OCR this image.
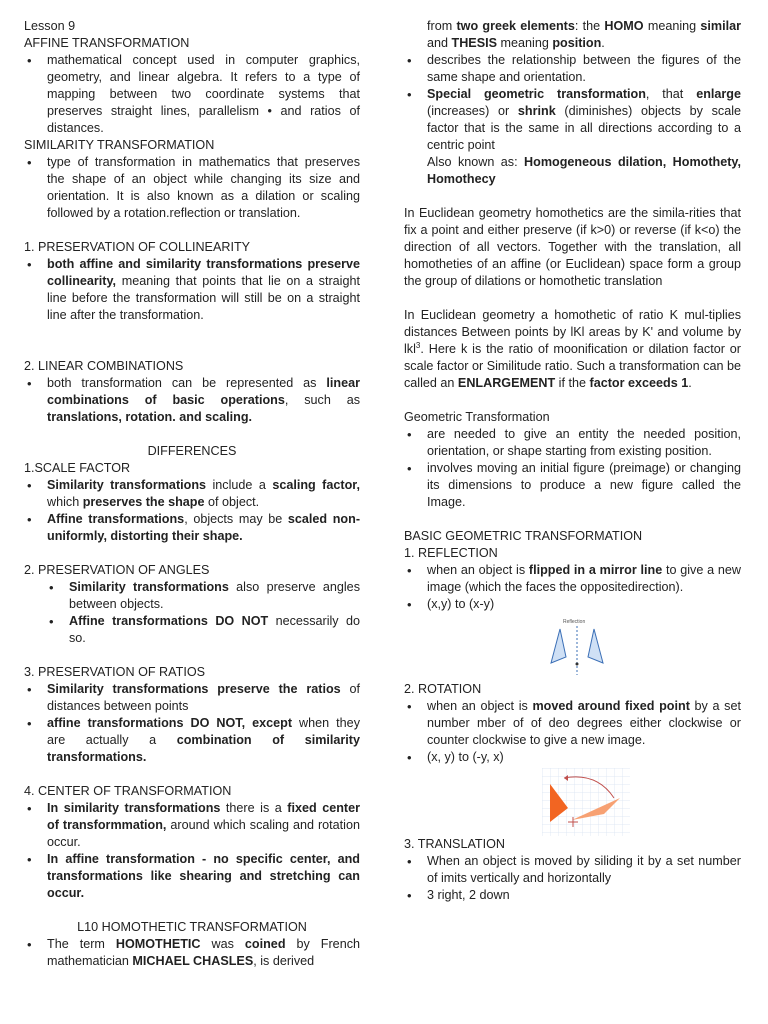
Lesson 9

AFFINE TRANSFORMATION

• mathematical concept used in computer graphics, geometry, and linear algebra. It refers to a type of mapping between two coordinate systems that preserves straight lines, parallelism • and ratios of distances.

SIMILARITY TRANSFORMATION

• type of transformation in mathematics that preserves the shape of an object while changing its size and orientation. It is also known as a dilation or scaling followed by a rotation.reflection or translation.

1. PRESERVATION OF COLLINEARITY

• both affine and similarity transformations preserve collinearity, meaning that points that lie on a straight line before the transformation will still be on a straight line after the transformation.

2. LINEAR COMBINATIONS

• both transformation can be represented as linear combinations of basic operations, such as translations, rotation. and scaling.

DIFFERENCES

1.SCALE FACTOR

• Similarity transformations include a scaling factor, which preserves the shape of object.
• Affine transformations, objects may be scaled non-uniformly, distorting their shape.

2. PRESERVATION OF ANGLES

• Similarity transformations also preserve angles between objects.
• Affine transformations DO NOT necessarily do so.

3. PRESERVATION OF RATIOS

• Similarity transformations preserve the ratios of distances between points
• affine transformations DO NOT, except when they are actually a combination of similarity transformations.

4. CENTER OF TRANSFORMATION

• In similarity transformations there is a fixed center of transformmation, around which scaling and rotation occur.
• In affine transformation - no specific center, and transformations like shearing and stretching can occur.

L10 HOMOTHETIC TRANSFORMATION

• The term HOMOTHETIC was coined by French mathematician MICHAEL CHASLES, is derived

from two greek elements: the HOMO meaning similar and THESIS meaning position.

• describes the relationship between the figures of the same shape and orientation.
• Special geometric transformation, that enlarge (increases) or shrink (diminishes) objects by scale factor that is the same in all directions according to a centric point

Also known as: Homogeneous dilation, Homothety, Homothecy

In Euclidean geometry homothetics are the simila-rities that fix a point and either preserve (if k>0) or reverse (if k<o) the direction of all vectors. Together with the translation, all homotheties of an affine (or Euclidean) space form a group the group of dilations or homothetic translation

In Euclidean geometry a homothetic of ratio K mul-tiplies distances Between points by lKl areas by K' and volume by lkl$^3$. Here k is the ratio of moonification or dilation factor or scale factor or Similitude ratio. Such a transformation can be called an ENLARGEMENT if the factor exceeds 1.

Geometric Transformation

• are needed to give an entity the needed position, orientation, or shape starting from existing position.
• involves moving an initial figure (preimage) or changing its dimensions to produce a new figure called the Image.

BASIC GEOMETRIC TRANSFORMATION

1. REFLECTION

• when an object is flipped in a mirror line to give a new image (which the faces the oppositedirection).
• (x,y) to (x-y)
Reflection

2. ROTATION

• when an object is moved around fixed point by a set number mber of of deo degrees either clockwise or counter clockwise to give a new image.
• (x, y) to (-y, x)

3. TRANSLATION

• When an object is moved by siliding it by a set number of imits vertically and horizontally
• 3 right, 2 down
